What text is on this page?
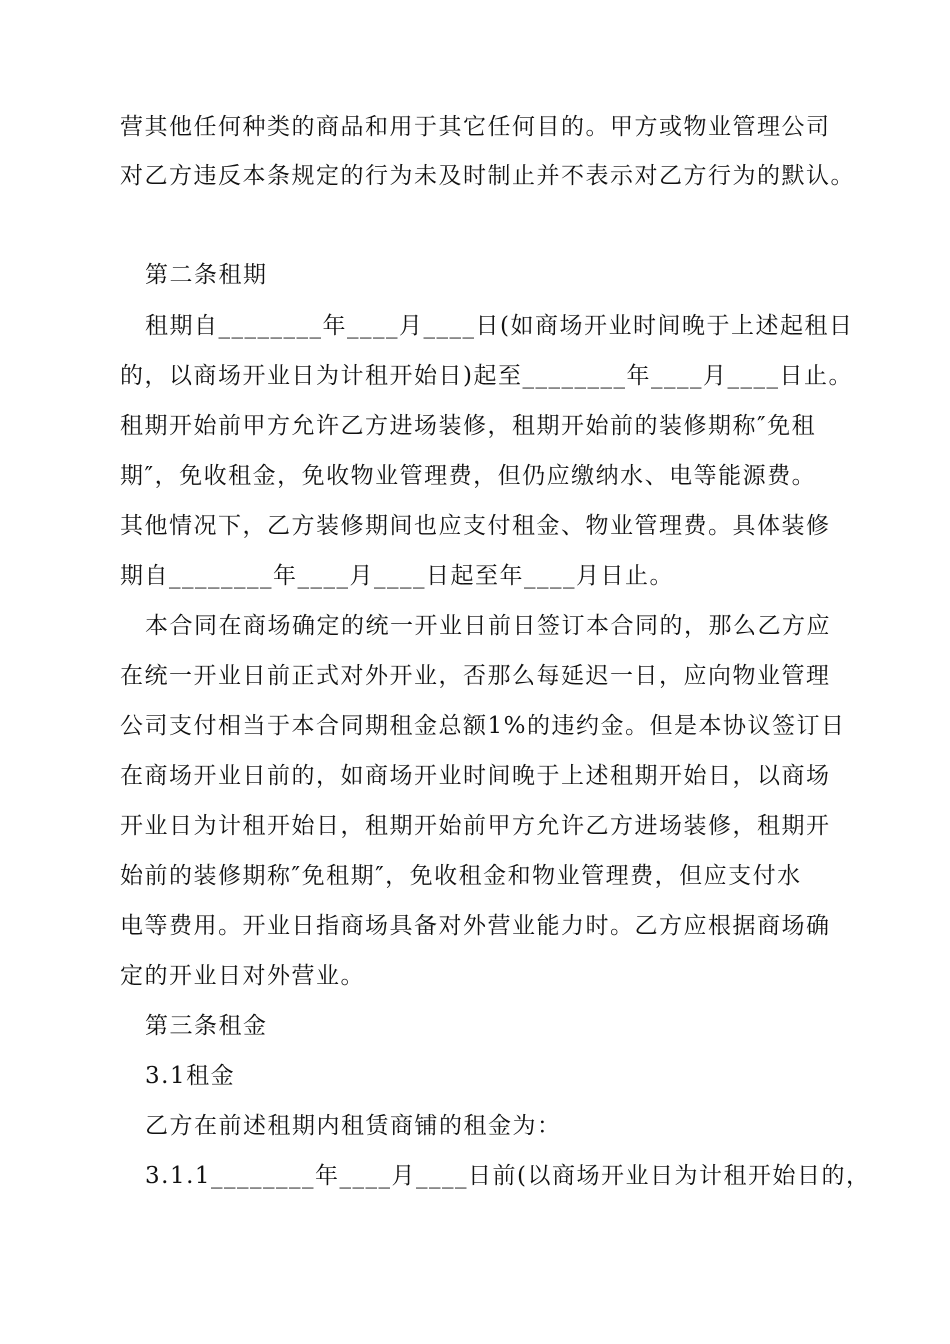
营其他任何种类的商品和用于其它任何目的。甲方或物业管理公司
对乙方违反本条规定的行为未及时制止并不表示对乙方行为的默认。
第二条租期
租期自________年____月____日(如商场开业时间晚于上述起租日
的，以商场开业日为计租开始日)起至________年____月____日止。
租期开始前甲方允许乙方进场装修，租期开始前的装修期称″免租
期″，免收租金，免收物业管理费，但仍应缴纳水、电等能源费。
其他情况下，乙方装修期间也应支付租金、物业管理费。具体装修
期自________年____月____日起至年____月日止。
本合同在商场确定的统一开业日前日签订本合同的，那么乙方应
在统一开业日前正式对外开业，否那么每延迟一日，应向物业管理
公司支付相当于本合同期租金总额1%的违约金。但是本协议签订日
在商场开业日前的，如商场开业时间晚于上述租期开始日，以商场
开业日为计租开始日，租期开始前甲方允许乙方进场装修，租期开
始前的装修期称″免租期″，免收租金和物业管理费，但应支付水
电等费用。开业日指商场具备对外营业能力时。乙方应根据商场确
定的开业日对外营业。
第三条租金
3.1租金
乙方在前述租期内租赁商铺的租金为：
3.1.1________年____月____日前(以商场开业日为计租开始日的，
